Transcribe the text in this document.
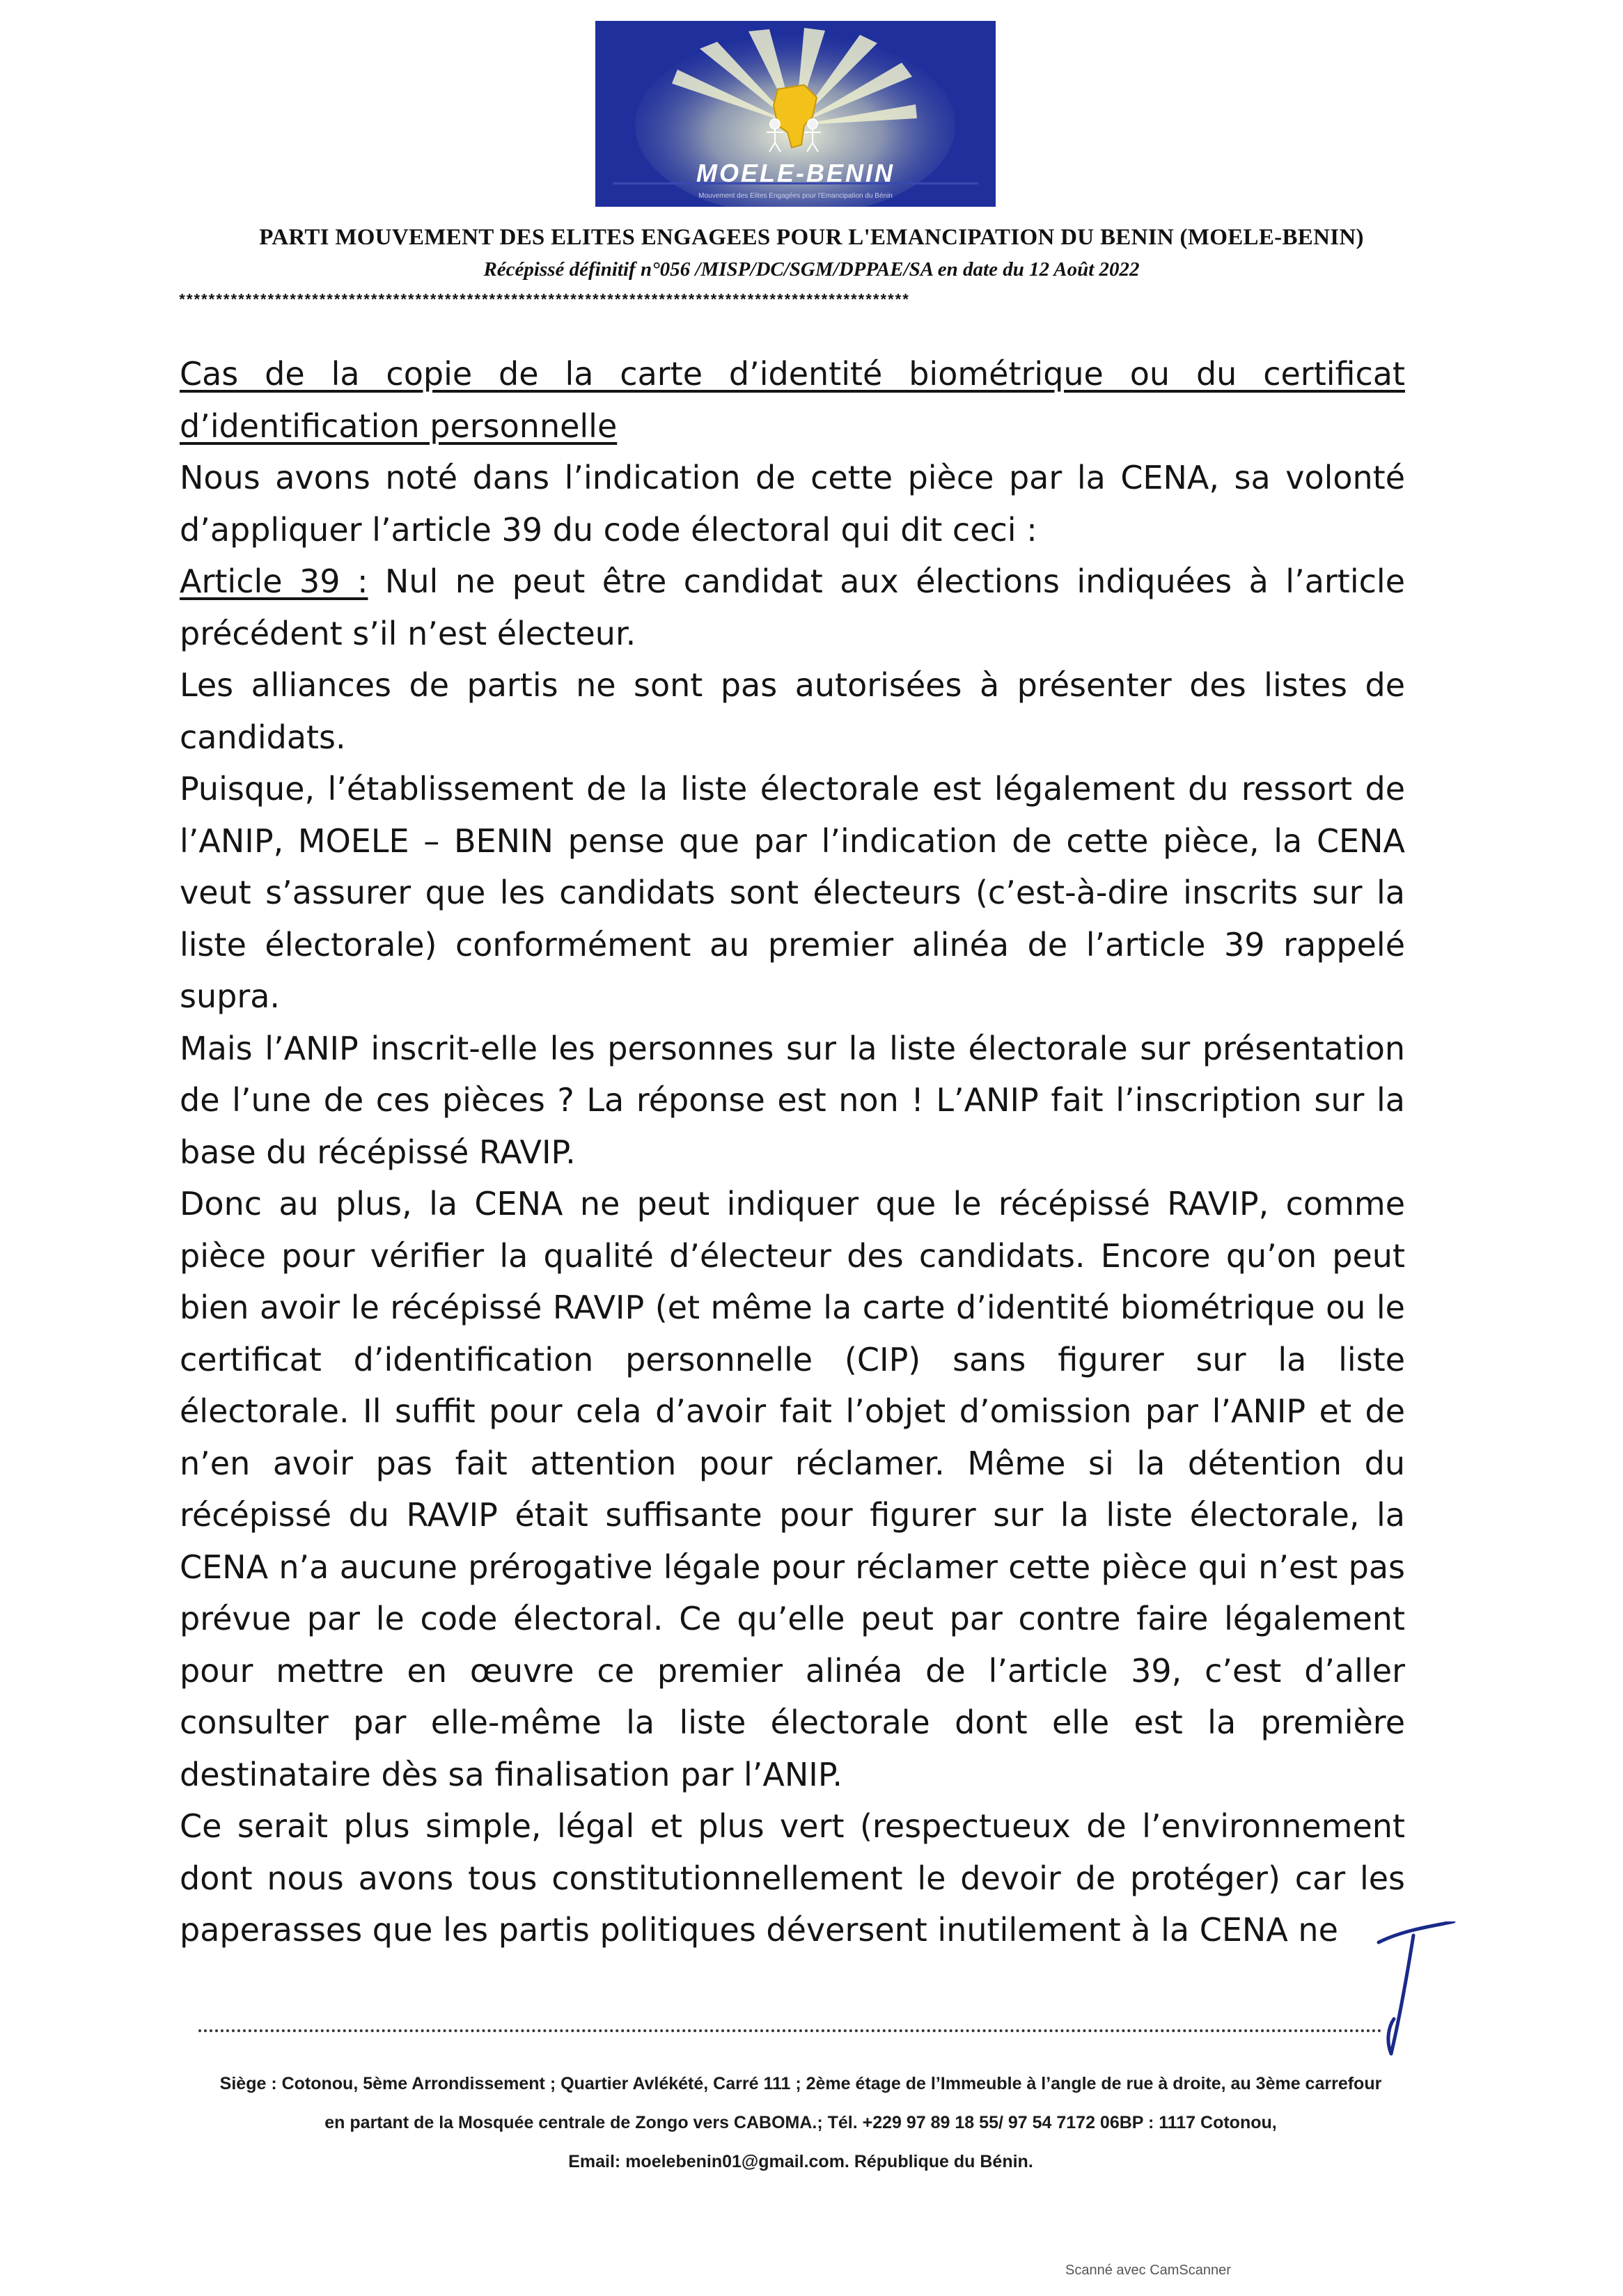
MOELE-BENIN
Mouvement des Elites Engagées pour l'Emancipation du Bénin
PARTI MOUVEMENT DES ELITES ENGAGEES POUR L'EMANCIPATION DU BENIN (MOELE-BENIN)
Récépissé définitif n°056 /MISP/DC/SGM/DPPAE/SA en date du 12 Août 2022
***************************************************************************************************

Cas de la copie de la carte d’identité biométrique ou du certificat d’identification personnelle

Nous avons noté dans l’indication de cette pièce par la CENA, sa volonté d’appliquer l’article 39 du code électoral qui dit ceci :

Article 39 : Nul ne peut être candidat aux élections indiquées à l’article précédent s’il n’est électeur.

Les alliances de partis ne sont pas autorisées à présenter des listes de candidats.

Puisque, l’établissement de la liste électorale est légalement du ressort de l’ANIP, MOELE – BENIN pense que par l’indication de cette pièce, la CENA veut s’assurer que les candidats sont électeurs (c’est-à-dire inscrits sur la liste électorale) conformément au premier alinéa de l’article 39 rappelé supra.

Mais l’ANIP inscrit-elle les personnes sur la liste électorale sur présentation de l’une de ces pièces ? La réponse est non ! L’ANIP fait l’inscription sur la base du récépissé RAVIP.

Donc au plus, la CENA ne peut indiquer que le récépissé RAVIP, comme pièce pour vérifier la qualité d’électeur des candidats. Encore qu’on peut bien avoir le récépissé RAVIP (et même la carte d’identité biométrique ou le certificat d’identification personnelle (CIP) sans figurer sur la liste électorale. Il suffit pour cela d’avoir fait l’objet d’omission par l’ANIP et de n’en avoir pas fait attention pour réclamer. Même si la détention du récépissé du RAVIP était suffisante pour figurer sur la liste électorale, la CENA n’a aucune prérogative légale pour réclamer cette pièce qui n’est pas prévue par le code électoral. Ce qu’elle peut par contre faire légalement pour mettre en œuvre ce premier alinéa de l’article 39, c’est d’aller consulter par elle-même la liste électorale dont elle est la première destinataire dès sa finalisation par l’ANIP.

Ce serait plus simple, légal et plus vert (respectueux de l’environnement dont nous avons tous constitutionnellement le devoir de protéger) car les paperasses que les partis politiques déversent inutilement à la CENA ne

Siège : Cotonou, 5ème Arrondissement ; Quartier Avlékété, Carré 111 ; 2ème étage de l’Immeuble à l’angle de rue à droite, au 3ème carrefour

en partant de la Mosquée centrale de Zongo vers CABOMA.; Tél. +229 97 89 18 55/ 97 54 7172 06BP : 1117 Cotonou,

Email: moelebenin01@gmail.com. République du Bénin.

Scanné avec CamScanner
